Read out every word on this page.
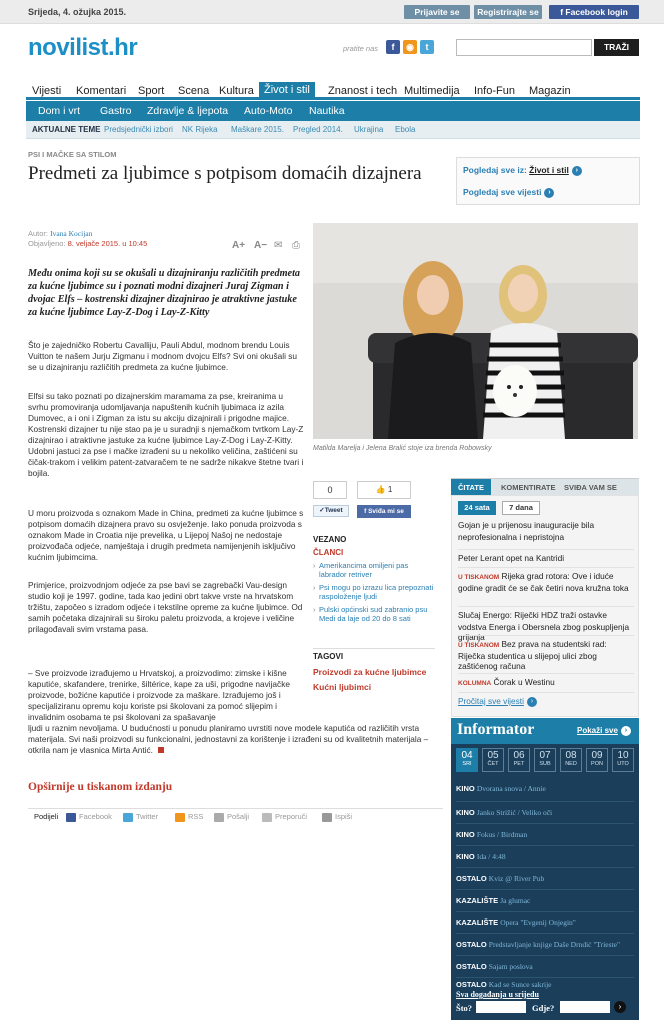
Srijeda, 4. ožujka 2015.	Prijavite se	Registrirajte se	f Facebook login
novilist.hr	pratite nas	f	◉	t	TRAŽI
Vijesti Komentari Sport Scena Kultura Život i stil	Znanost i tech Multimedija Info-Fun Magazin
Dom i vrt Gastro Zdravlje & ljepota Auto-Moto Nautika
AKTUALNE TEME Predsjednički izbori NK Rijeka Maškare 2015. Pregled 2014. Ukrajina Ebola
PSI I MAČKE SA STILOM
Predmeti za ljubimce s potpisom domaćih dizajnera	Pogledaj sve iz: Život i stil ›
Pogledaj sve vijesti ›
Autor: Ivana Kocijan
Objavljeno: 8. veljače 2015. u 10:45	A+ A− ✉ ⎙
Među onima koji su se okušali u dizajniranju različitih predmeta za kućne ljubimce su i poznati modni dizajneri Juraj Zigman i dvojac Elfs – kostrenski dizajner dizajnirao je atraktivne jastuke za kućne ljubimce Lay-Z-Dog i Lay-Z-Kitty
Što je zajedničko Robertu Cavalliju, Pauli Abdul, modnom brendu Louis Vuitton te našem Jurju Zigmanu i modnom dvojcu Elfs? Svi oni okušali su se u dizajniranju različitih predmeta za kućne ljubimce.
Elfsi su tako poznati po dizajnerskim maramama za pse, kreiranima u svrhu promoviranja udomljavanja napuštenih kućnih ljubimaca iz azila Dumovec, a i oni i Zigman za istu su akciju dizajnirali i prigodne majice. Kostrenski dizajner tu nije stao pa je u suradnji s njemačkom tvrtkom Lay-Z dizajnirao i atraktivne jastuke za kućne ljubimce Lay-Z-Dog i Lay-Z-Kitty. Udobni jastuci za pse i mačke izrađeni su u nekoliko veličina, zaštićeni su čičak-trakom i velikim patent-zatvaračem te ne sadrže nikakve štetne tvari i bojila.
U moru proizvoda s oznakom Made in China, predmeti za kućne ljubimce s potpisom domaćih dizajnera pravo su osvježenje. Iako ponuda proizvoda s oznakom Made in Croatia nije prevelika, u Lijepoj Našoj ne nedostaje proizvođača odjeće, namještaja i drugih predmeta namijenjenih isključivo kućnim ljubimcima.
Primjerice, proizvodnjom odjeće za pse bavi se zagrebački Vau-design studio koji je 1997. godine, tada kao jedini obrt takve vrste na hrvatskom tržištu, započeo s izradom odjeće i tekstilne opreme za kućne ljubimce. Od samih početaka dizajnirali su široku paletu proizvoda, a krojeve i veličine prilagođavali svim vrstama pasa.
– Sve proizvode izrađujemo u Hrvatskoj, a proizvodimo: zimske i kišne kaputiće, skafandere, trenirke, šiltérice, kape za uši, prigodne navijačke proizvode, božićne kaputiće i proizvode za maškare. Izrađujemo još i specijaliziranu opremu koju koriste psi školovani za pomoć slijepim i invalidnim osobama te psi školovani za spašavanje
ljudi u raznim nevoljama. U budućnosti u ponudu planiramo uvrstiti nove modele kaputića od različitih vrsta materijala. Svi naši proizvodi su funkcionalni, jednostavni za korištenje i izrađeni su od kvalitetnih materijala – otkrila nam je vlasnica Mirta Antić.
Opširnije u tiskanom izdanju
Podijeli	Facebook	Twitter	RSS	Pošalji	Preporuči	Ispiši
Matilda Marelja i Jelena Bralić stoje iza brenda Robowsky
0	👍 1
✓Tweet	f Sviđa mi se
VEZANO
ČLANCI
› Amerikancima omiljeni pas labrador retriver
› Psi mogu po izrazu lica prepoznati raspoloženje ljudi
› Pulski općinski sud zabranio psu Medi da laje od 20 do 8 sati
TAGOVI
Proizvodi za kućne ljubimce
Kućni ljubimci
ČITATE	KOMENTIRATE SVIĐA VAM SE
24 sata	7 dana
Gojan je u prijenosu inauguracije bila neprofesionalna i nepristojna
Peter Lerant opet na Kantridi
U TISKANOM Rijeka grad rotora: Ove i iduće godine gradit će se čak četiri nova kružna toka
Slučaj Energo: Riječki HDZ traži ostavke vodstva Energa i Obersnela zbog poskupljenja grijanja
U TISKANOM Bez prava na studentski rad: Riječka studentica u slijepoj ulici zbog zaštićenog računa
KOLUMNA Čorak u Westinu
Pročitaj sve vijesti ›
Informator	Pokaži sve ›
04
SRI
05
ČET
06
PET
07
SUB
08
NED
09
PON
10
UTO
KINO Dvorana snova / Annie
KINO Janko Strižić / Veliko oči
KINO Fokus / Birdman
KINO Ida / 4:48
OSTALO Kviz @ River Pub
KAZALIŠTE Ja glumac
KAZALIŠTE Opera "Evgenij Onjegin"
OSTALO Predstavljanje knjige Daše Drndić "Trieste"
OSTALO Sajam poslova
OSTALO Kad se Sunce sakrije
Sva događanja u srijedu
Što?	Gdje?	›
